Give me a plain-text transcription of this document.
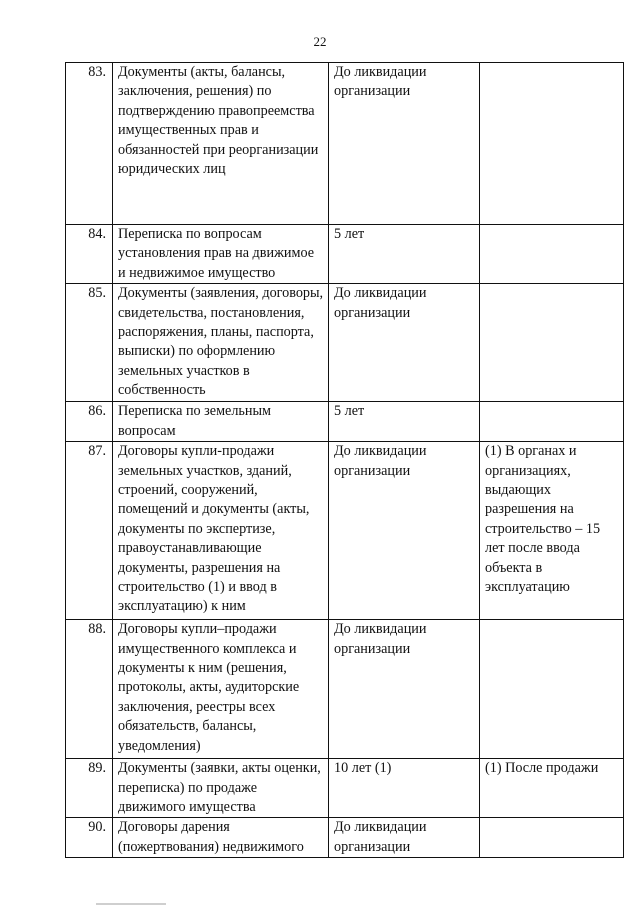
22
83.	Документы (акты, балансы, заключения, решения) по подтверждению правопреемства имущественных прав и обязанностей при реорганизации юридических лиц	До ликвидации организации	
84.	Переписка по вопросам установления прав на движимое и недвижимое имущество	5 лет	
85.	Документы (заявления, договоры, свидетельства, постановления, распоряжения, планы, паспорта, выписки) по оформлению земельных участков в собственность	До ликвидации организации	
86.	Переписка по земельным вопросам	5 лет	
87.	Договоры купли-продажи земельных участков, зданий, строений, сооружений, помещений и документы (акты, документы по экспертизе, правоустанавливающие документы, разрешения на строительство (1) и ввод в эксплуатацию) к ним	До ликвидации организации	(1) В органах и организациях, выдающих разрешения на строительство – 15 лет после ввода объекта в эксплуатацию
88.	Договоры купли–продажи имущественного комплекса и документы к ним (решения, протоколы, акты, аудиторские заключения, реестры всех обязательств, балансы, уведомления)	До ликвидации организации	
89.	Документы (заявки, акты оценки, переписка) по продаже движимого имущества	10 лет (1)	(1) После продажи
90.	Договоры дарения (пожертвования) недвижимого	До ликвидации организации	
